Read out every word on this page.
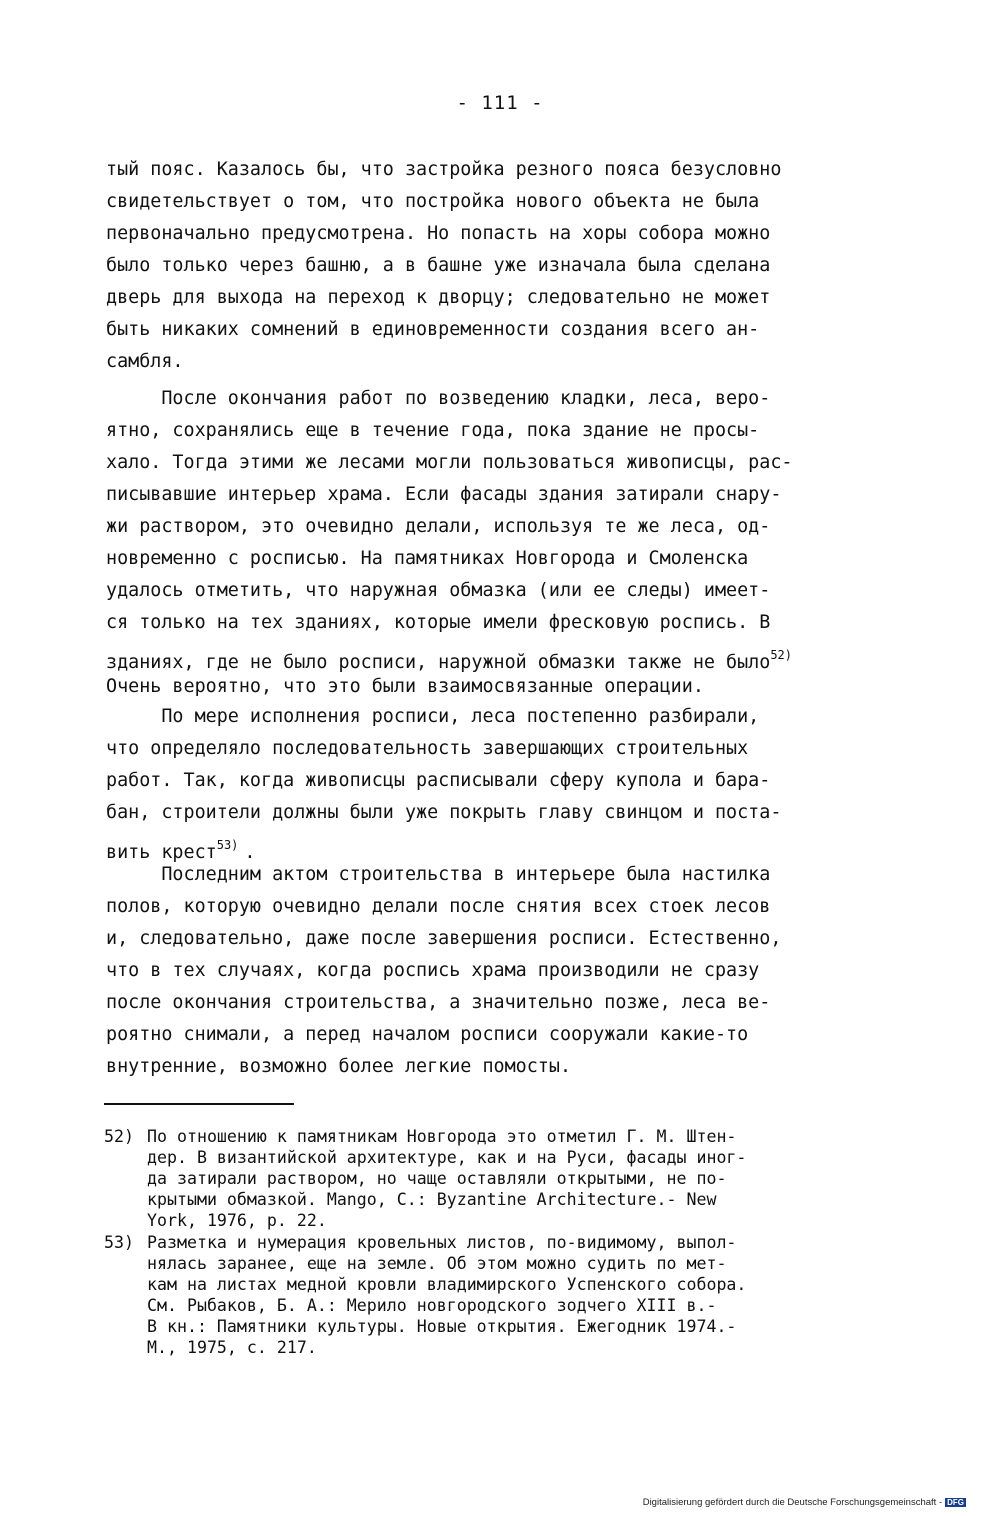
- 111 -
тый пояс. Казалось бы, что застройка резного пояса безусловно
свидетельствует о том, что постройка нового объекта не была
первоначально предусмотрена. Но попасть на хоры собора можно
было только через башню, а в башне уже изначала была сделана
дверь для выхода на переход к дворцу; следовательно не может
быть никаких сомнений в единовременности создания всего ан-
самбля.
После окончания работ по возведению кладки, леса, веро-
ятно, сохранялись еще в течение года, пока здание не просы-
хало. Тогда этими же лесами могли пользоваться живописцы, рас-
писывавшие интерьер храма. Если фасады здания затирали снару-
жи раствором, это очевидно делали, используя те же леса, од-
новременно с росписью. На памятниках Новгорода и Смоленска
удалось отметить, что наружная обмазка (или ее следы) имеет-
ся только на тех зданиях, которые имели фресковую роспись. В
зданиях, где не было росписи, наружной обмазки также не было$^{52)}$
Очень вероятно, что это были взаимосвязанные операции.
По мере исполнения росписи, леса постепенно разбирали,
что определяло последовательность завершающих строительных
работ. Так, когда живописцы расписывали сферу купола и бара-
бан, строители должны были уже покрыть главу свинцом и поста-
вить крест$^{53)}$ .
Последним актом строительства в интерьере была настилка
полов, которую очевидно делали после снятия всех стоек лесов
и, следовательно, даже после завершения росписи. Естественно,
что в тех случаях, когда роспись храма производили не сразу
после окончания строительства, а значительно позже, леса ве-
роятно снимали, а перед началом росписи сооружали какие-то
внутренние, возможно более легкие помосты.
52) По отношению к памятникам Новгорода это отметил Г. М. Штен-
дер. В византийской архитектуре, как и на Руси, фасады иног-
да затирали раствором, но чаще оставляли открытыми, не по-
крытыми обмазкой. Mango, C.: Byzantine Architecture.- New
York, 1976, p. 22.
53) Разметка и нумерация кровельных листов, по-видимому, выпол-
нялась заранее, еще на земле. Об этом можно судить по мет-
кам на листах медной кровли владимирского Успенского собора.
См. Рыбаков, Б. А.: Мерило новгородского зодчего XIII в.-
В кн.: Памятники культуры. Новые открытия. Ежегодник 1974.-
М., 1975, с. 217.
Digitalisierung gefördert durch die Deutsche Forschungsgemeinschaft - DFG
